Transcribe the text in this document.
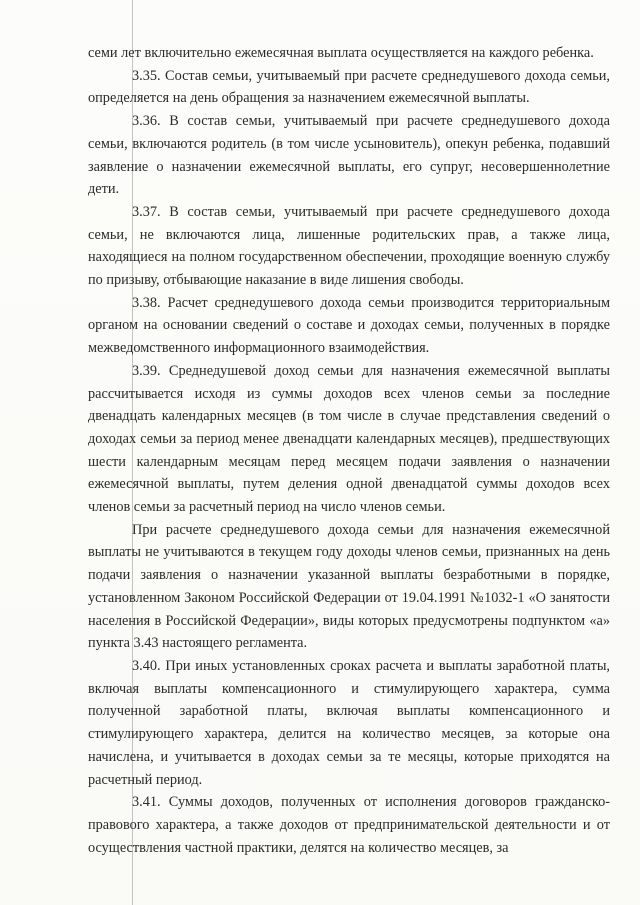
семи лет включительно ежемесячная выплата осуществляется на каждого ребенка.

3.35. Состав семьи, учитываемый при расчете среднедушевого дохода семьи, определяется на день обращения за назначением ежемесячной выплаты.

3.36. В состав семьи, учитываемый при расчете среднедушевого дохода семьи, включаются родитель (в том числе усыновитель), опекун ребенка, подавший заявление о назначении ежемесячной выплаты, его супруг, несовершеннолетние дети.

3.37. В состав семьи, учитываемый при расчете среднедушевого дохода семьи, не включаются лица, лишенные родительских прав, а также лица, находящиеся на полном государственном обеспечении, проходящие военную службу по призыву, отбывающие наказание в виде лишения свободы.

3.38. Расчет среднедушевого дохода семьи производится территориальным органом на основании сведений о составе и доходах семьи, полученных в порядке межведомственного информационного взаимодействия.

3.39. Среднедушевой доход семьи для назначения ежемесячной выплаты рассчитывается исходя из суммы доходов всех членов семьи за последние двенадцать календарных месяцев (в том числе в случае представления сведений о доходах семьи за период менее двенадцати календарных месяцев), предшествующих шести календарным месяцам перед месяцем подачи заявления о назначении ежемесячной выплаты, путем деления одной двенадцатой суммы доходов всех членов семьи за расчетный период на число членов семьи.

При расчете среднедушевого дохода семьи для назначения ежемесячной выплаты не учитываются в текущем году доходы членов семьи, признанных на день подачи заявления о назначении указанной выплаты безработными в порядке, установленном Законом Российской Федерации от 19.04.1991 №1032-1 «О занятости населения в Российской Федерации», виды которых предусмотрены подпунктом «а» пункта 3.43 настоящего регламента.

3.40. При иных установленных сроках расчета и выплаты заработной платы, включая выплаты компенсационного и стимулирующего характера, сумма полученной заработной платы, включая выплаты компенсационного и стимулирующего характера, делится на количество месяцев, за которые она начислена, и учитывается в доходах семьи за те месяцы, которые приходятся на расчетный период.

3.41. Суммы доходов, полученных от исполнения договоров гражданско-правового характера, а также доходов от предпринимательской деятельности и от осуществления частной практики, делятся на количество месяцев, за
